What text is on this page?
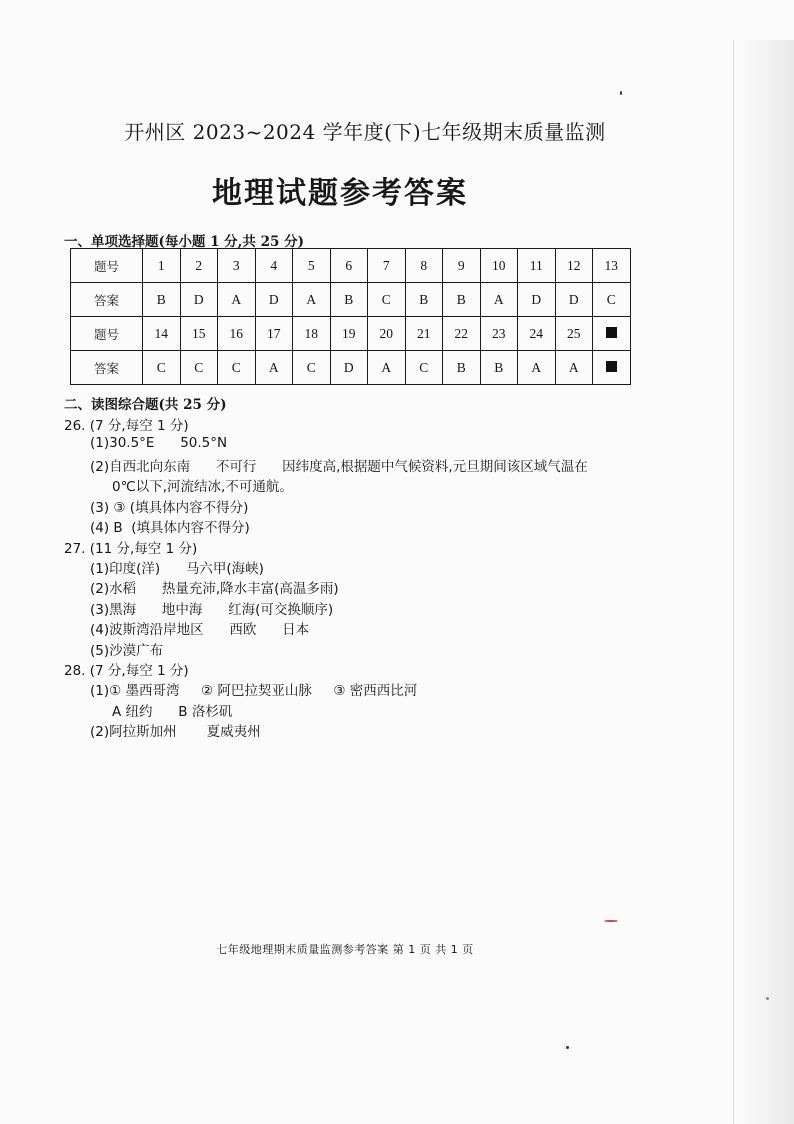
开州区 2023~2024 学年度(下)七年级期末质量监测
地理试题参考答案
一、单项选择题(每小题 1 分,共 25 分)
题号	1	2	3	4	5	6	7	8	9	10	11	12	13
答案	B	D	A	D	A	B	C	B	B	A	D	D	C
题号	14	15	16	17	18	19	20	21	22	23	24	25	
答案	C	C	C	A	C	D	A	C	B	B	A	A	
二、读图综合题(共 25 分)
26. (7 分,每空 1 分)
(1)30.5°E      50.5°N
(2)自西北向东南      不可行      因纬度高,根据题中气候资料,元旦期间该区域气温在
0℃以下,河流结冰,不可通航。
(3) ③ (填具体内容不得分)
(4) B  (填具体内容不得分)
27. (11 分,每空 1 分)
(1)印度(洋)      马六甲(海峡)
(2)水稻      热量充沛,降水丰富(高温多雨)
(3)黑海      地中海      红海(可交换顺序)
(4)波斯湾沿岸地区      西欧      日本
(5)沙漠广布
28. (7 分,每空 1 分)
(1)① 墨西哥湾     ② 阿巴拉契亚山脉     ③ 密西西比河
A 纽约      B 洛杉矶
(2)阿拉斯加州       夏威夷州
七年级地理期末质量监测参考答案 第 1 页 共 1 页
